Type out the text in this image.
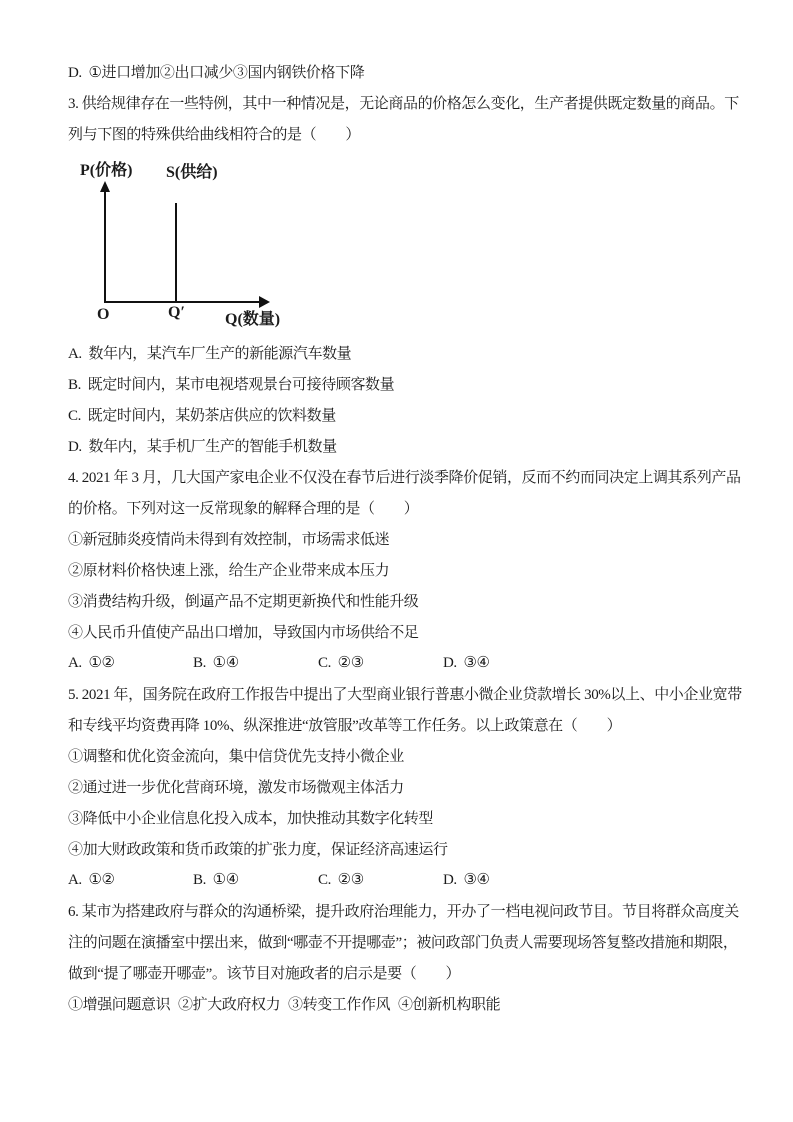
D.  ①进口增加②出口减少③国内钢铁价格下降
3. 供给规律存在一些特例，其中一种情况是，无论商品的价格怎么变化，生产者提供既定数量的商品。下
列与下图的特殊供给曲线相符合的是（　　）
P(价格) S(供给)
O	Q′	Q(数量)
A.  数年内，某汽车厂生产的新能源汽车数量
B.  既定时间内，某市电视塔观景台可接待顾客数量
C.  既定时间内，某奶茶店供应的饮料数量
D.  数年内，某手机厂生产的智能手机数量
4. 2021 年 3 月，几大国产家电企业不仅没在春节后进行淡季降价促销，反而不约而同决定上调其系列产品
的价格。下列对这一反常现象的解释合理的是（　　）
①新冠肺炎疫情尚未得到有效控制，市场需求低迷
②原材料价格快速上涨，给生产企业带来成本压力
③消费结构升级，倒逼产品不定期更新换代和性能升级
④人民币升值使产品出口增加，导致国内市场供给不足
A.  ①②	B.  ①④	C.  ②③	D.  ③④
5. 2021 年，国务院在政府工作报告中提出了大型商业银行普惠小微企业贷款增长 30%以上、中小企业宽带
和专线平均资费再降 10%、纵深推进“放管服”改革等工作任务。以上政策意在（　　）
①调整和优化资金流向，集中信贷优先支持小微企业
②通过进一步优化营商环境，激发市场微观主体活力
③降低中小企业信息化投入成本，加快推动其数字化转型
④加大财政政策和货币政策的扩张力度，保证经济高速运行
A.  ①②	B.  ①④	C.  ②③	D.  ③④
6. 某市为搭建政府与群众的沟通桥梁，提升政府治理能力，开办了一档电视问政节目。节目将群众高度关
注的问题在演播室中摆出来，做到“哪壶不开提哪壶”；被问政部门负责人需要现场答复整改措施和期限，
做到“提了哪壶开哪壶”。该节目对施政者的启示是要（　　）
①增强问题意识 ②扩大政府权力 ③转变工作作风 ④创新机构职能
